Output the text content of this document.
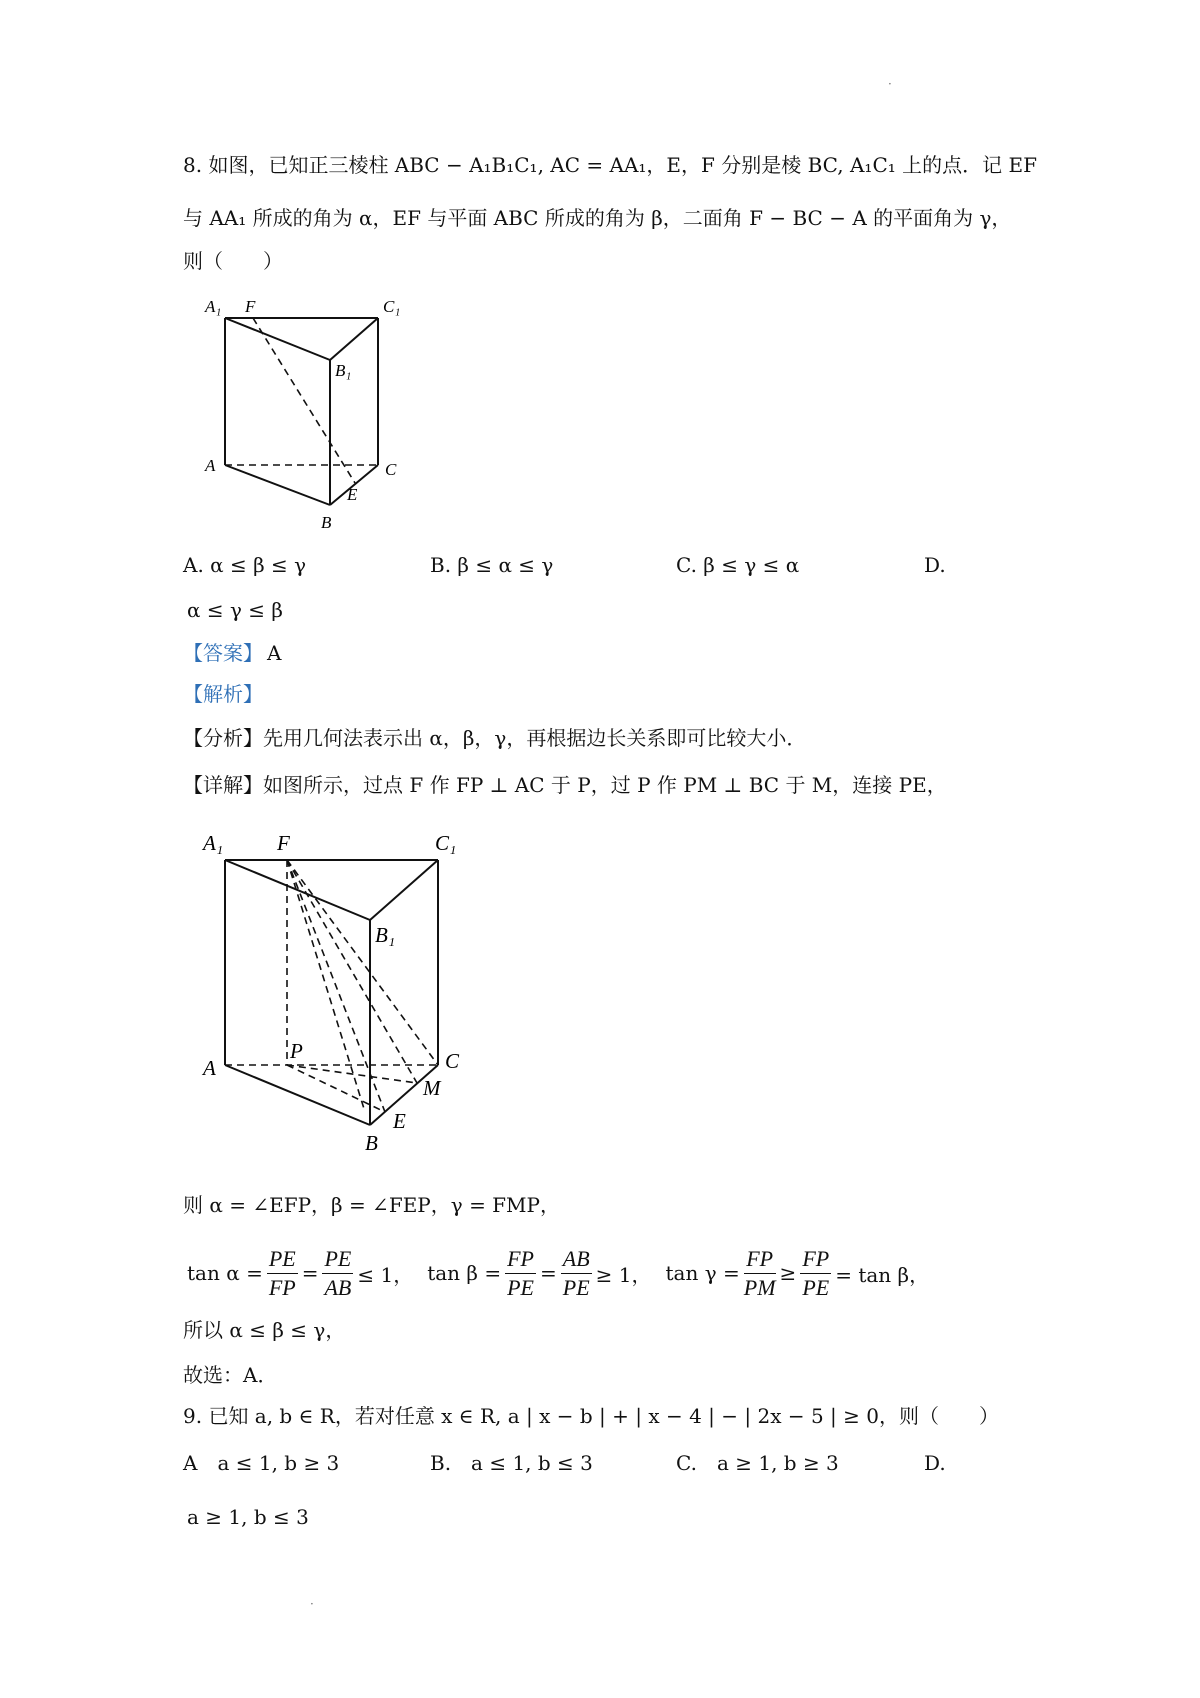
·
8. 如图，已知正三棱柱 ABC − A₁B₁C₁, AC = AA₁，E，F 分别是棱 BC, A₁C₁ 上的点．记 EF
与 AA₁ 所成的角为 α，EF 与平面 ABC 所成的角为 β，二面角 F − BC − A 的平面角为 γ，
则（　　）
A₁ F	C₁
B₁
A	C
E
B
A. α ≤ β ≤ γ	B. β ≤ α ≤ γ	C. β ≤ γ ≤ α	D.
α ≤ γ ≤ β
【答案】 A
【解析】
【分析】先用几何法表示出 α，β，γ，再根据边长关系即可比较大小．
【详解】如图所示，过点 F 作 FP ⊥ AC 于 P，过 P 作 PM ⊥ BC 于 M，连接 PE，
A₁	F	C₁
B₁
P
A	C
M
E
B
则 α = ∠EFP，β = ∠FEP，γ = FMP，
$\tan \alpha = \frac{PE}{FP} = \frac{PE}{AB} \le 1$， $\tan \beta = \frac{FP}{PE} = \frac{AB}{PE} \ge 1$， $\tan \gamma = \frac{FP}{PM} \ge \frac{FP}{PE} = \tan \beta$，
所以 α ≤ β ≤ γ，
故选：A．
9. 已知 a, b ∈ R，若对任意 x ∈ R, a | x − b | + | x − 4 | − | 2x − 5 | ≥ 0，则（　　）
A　a ≤ 1, b ≥ 3	B.　a ≤ 1, b ≤ 3	C.　a ≥ 1, b ≥ 3	D.
a ≥ 1, b ≤ 3
·
